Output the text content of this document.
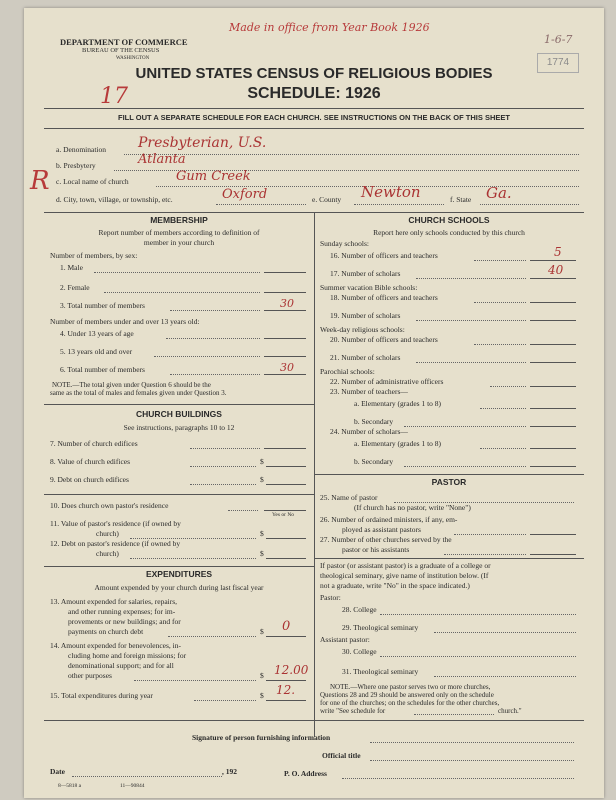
DEPARTMENT OF COMMERCE
BUREAU OF THE CENSUS
WASHINGTON
Made in office from Year Book 1926
1-6-7
1774
UNITED STATES CENSUS OF RELIGIOUS BODIES
SCHEDULE: 1926
17
FILL OUT A SEPARATE SCHEDULE FOR EACH CHURCH. SEE INSTRUCTIONS ON THE BACK OF THIS SHEET
R
a. Denomination Presbyterian, U.S.
b. Presbytery	Atlanta
c. Local name of church	Gum Creek
d. City, town, village, or township, etc.	Oxford	e. County Newton	f. State Ga.
MEMBERSHIP
Report number of members according to definition of
member in your church
Number of members, by sex:
1. Male
2. Female
3. Total number of members	30
Number of members under and over 13 years old:
4. Under 13 years of age
5. 13 years old and over
6. Total number of members	30
NOTE.—The total given under Question 6 should be the
same as the total of males and females given under Question 3.
CHURCH BUILDINGS
See instructions, paragraphs 10 to 12
7. Number of church edifices
8. Value of church edifices	$
9. Debt on church edifices	$
10. Does church own pastor's residence
Yes or No
11. Value of pastor's residence (if owned by
church)	$
12. Debt on pastor's residence (if owned by
church)	$
EXPENDITURES
Amount expended by your church during last fiscal year
13. Amount expended for salaries, repairs,
and other running expenses; for im-
provements or new buildings; and for
payments on church debt	$ 0
14. Amount expended for benevolences, in-
cluding home and foreign missions; for
denominational support; and for all
other purposes	$ 12.00
15. Total expenditures during year	$ 12.
CHURCH SCHOOLS
Report here only schools conducted by this church
Sunday schools:
16. Number of officers and teachers	5
17. Number of scholars	40
Summer vacation Bible schools:
18. Number of officers and teachers
19. Number of scholars
Week-day religious schools:
20. Number of officers and teachers
21. Number of scholars
Parochial schools:
22. Number of administrative officers
23. Number of teachers—
a. Elementary (grades 1 to 8)
b. Secondary
24. Number of scholars—
a. Elementary (grades 1 to 8)
b. Secondary
PASTOR
25. Name of pastor
(If church has no pastor, write "None")
26. Number of ordained ministers, if any, em-
ployed as assistant pastors
27. Number of other churches served by the
pastor or his assistants
If pastor (or assistant pastor) is a graduate of a college or
theological seminary, give name of institution below. (If
not a graduate, write "No" in the space indicated.)
Pastor:
28. College
29. Theological seminary
Assistant pastor:
30. College
31. Theological seminary
NOTE.—Where one pastor serves two or more churches,
Questions 28 and 29 should be answered only on the schedule
for one of the churches; on the schedules for the other churches,
write "See schedule for	church."
Signature of person furnishing information
Official title
Date	, 192	P. O. Address
8—5818 a	11—90844
